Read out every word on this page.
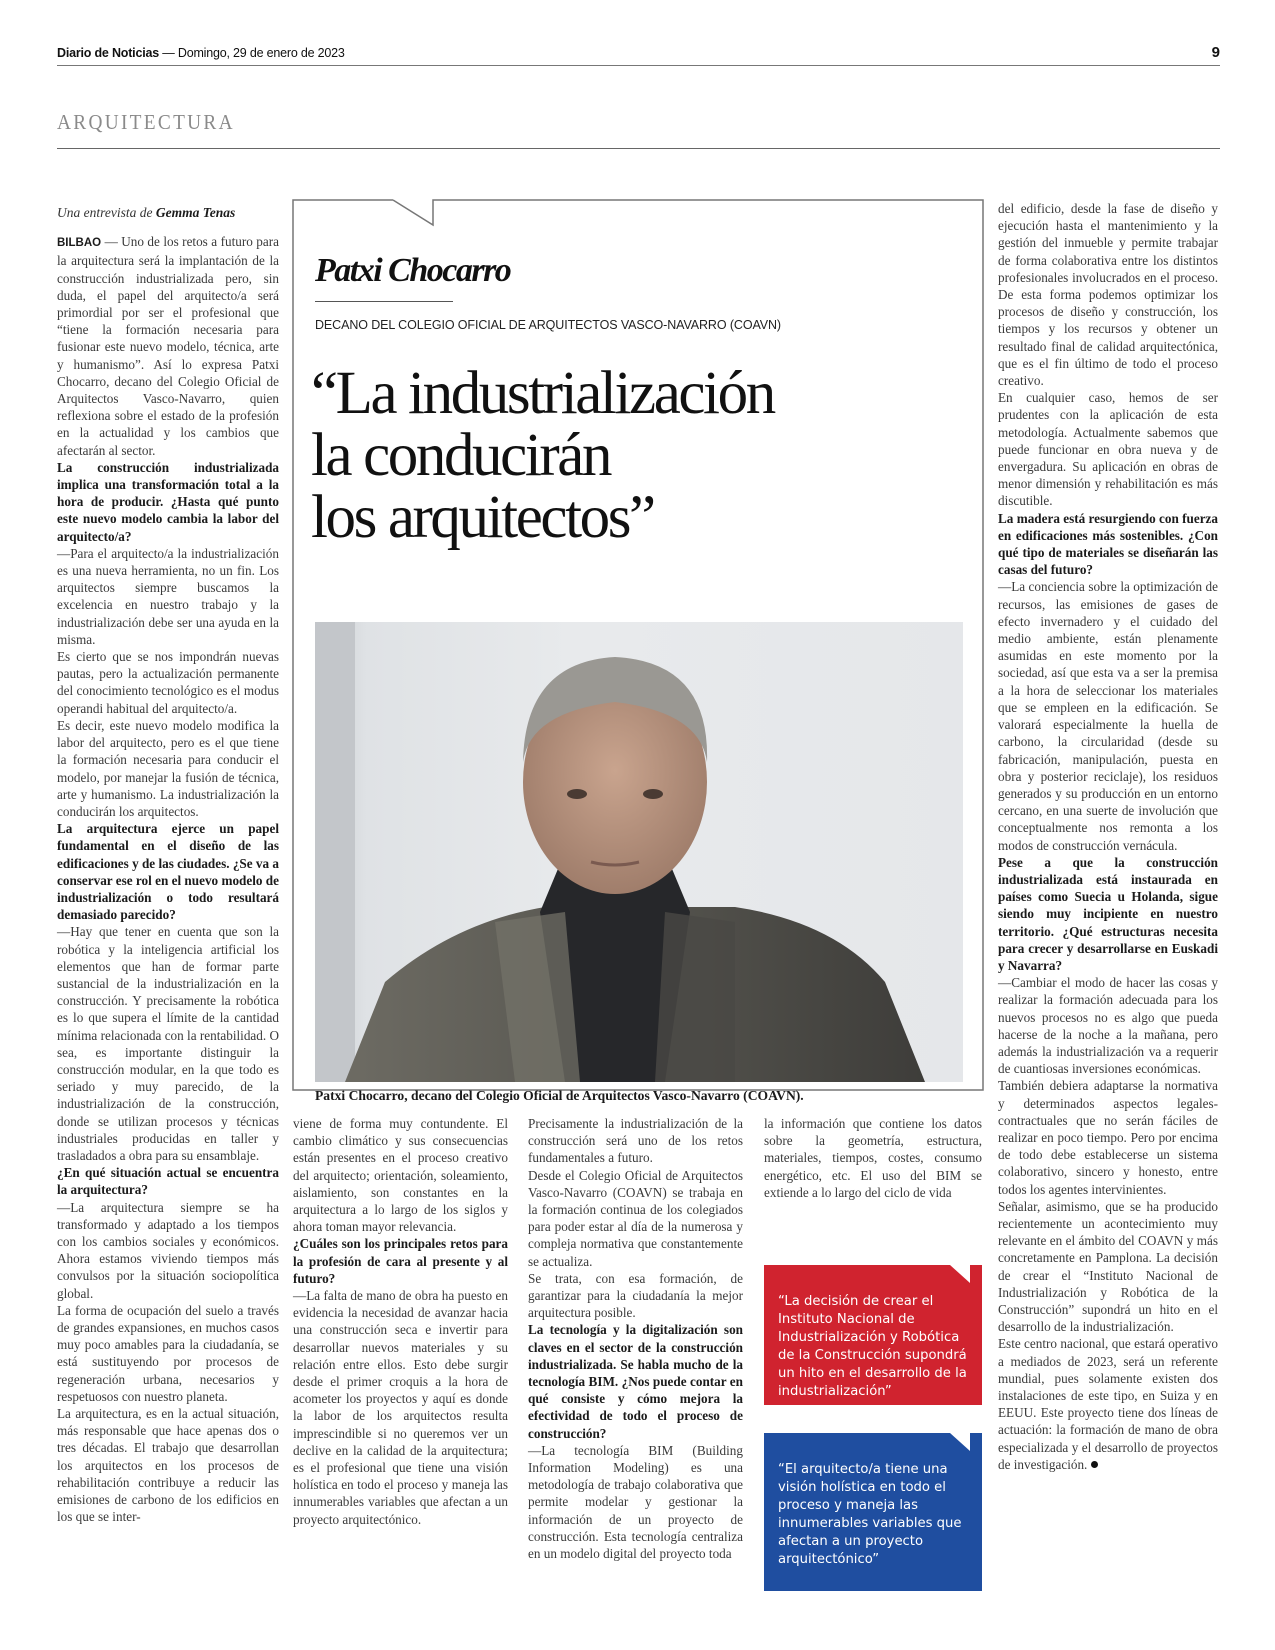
Diario de Noticias — Domingo, 29 de enero de 2023	9
ARQUITECTURA
Una entrevista de Gemma Tenas

BILBAO — Uno de los retos a futuro para la arquitectura será la implantación de la construcción industrializada pero, sin duda, el papel del arquitecto/a será primordial por ser el profesional que “tiene la formación necesaria para fusionar este nuevo modelo, técnica, arte y humanismo”. Así lo expresa Patxi Chocarro, decano del Colegio Oficial de Arquitectos Vasco-Navarro, quien reflexiona sobre el estado de la profesión en la actualidad y los cambios que afectarán al sector.

La construcción industrializada implica una transformación total a la hora de producir. ¿Hasta qué punto este nuevo modelo cambia la labor del arquitecto/a?

—Para el arquitecto/a la industrialización es una nueva herramienta, no un fin. Los arquitectos siempre buscamos la excelencia en nuestro trabajo y la industrialización debe ser una ayuda en la misma.

Es cierto que se nos impondrán nuevas pautas, pero la actualización permanente del conocimiento tecnológico es el modus operandi habitual del arquitecto/a.

Es decir, este nuevo modelo modifica la labor del arquitecto, pero es el que tiene la formación necesaria para conducir el modelo, por manejar la fusión de técnica, arte y humanismo. La industrialización la conducirán los arquitectos.

La arquitectura ejerce un papel fundamental en el diseño de las edificaciones y de las ciudades. ¿Se va a conservar ese rol en el nuevo modelo de industrialización o todo resultará demasiado parecido?

—Hay que tener en cuenta que son la robótica y la inteligencia artificial los elementos que han de formar parte sustancial de la industrialización en la construcción. Y precisamente la robótica es lo que supera el límite de la cantidad mínima relacionada con la rentabilidad. O sea, es importante distinguir la construcción modular, en la que todo es seriado y muy parecido, de la industrialización de la construcción, donde se utilizan procesos y técnicas industriales producidas en taller y trasladados a obra para su ensamblaje.

¿En qué situación actual se encuentra la arquitectura?

—La arquitectura siempre se ha transformado y adaptado a los tiempos con los cambios sociales y económicos. Ahora estamos viviendo tiempos más convulsos por la situación sociopolítica global.

La forma de ocupación del suelo a través de grandes expansiones, en muchos casos muy poco amables para la ciudadanía, se está sustituyendo por procesos de regeneración urbana, necesarios y respetuosos con nuestro planeta.

La arquitectura, es en la actual situación, más responsable que hace apenas dos o tres décadas. El trabajo que desarrollan los arquitectos en los procesos de rehabilitación contribuye a reducir las emisiones de carbono de los edificios en los que se inter-

Patxi Chocarro
DECANO DEL COLEGIO OFICIAL DE ARQUITECTOS VASCO-NAVARRO (COAVN)
“La industrialización
la conducirán
los arquitectos”
Patxi Chocarro, decano del Colegio Oficial de Arquitectos Vasco-Navarro (COAVN).

viene de forma muy contundente. El cambio climático y sus consecuencias están presentes en el proceso creativo del arquitecto; orientación, soleamiento, aislamiento, son constantes en la arquitectura a lo largo de los siglos y ahora toman mayor relevancia.

¿Cuáles son los principales retos para la profesión de cara al presente y al futuro?

—La falta de mano de obra ha puesto en evidencia la necesidad de avanzar hacia una construcción seca e invertir para desarrollar nuevos materiales y su relación entre ellos. Esto debe surgir desde el primer croquis a la hora de acometer los proyectos y aquí es donde la labor de los arquitectos resulta imprescindible si no queremos ver un declive en la calidad de la arquitectura; es el profesional que tiene una visión holística en todo el proceso y maneja las innumerables variables que afectan a un proyecto arquitectónico.

Precisamente la industrialización de la construcción será uno de los retos fundamentales a futuro.

Desde el Colegio Oficial de Arquitectos Vasco-Navarro (COAVN) se trabaja en la formación continua de los colegiados para poder estar al día de la numerosa y compleja normativa que constantemente se actualiza.

Se trata, con esa formación, de garantizar para la ciudadanía la mejor arquitectura posible.

La tecnología y la digitalización son claves en el sector de la construcción industrializada. Se habla mucho de la tecnología BIM. ¿Nos puede contar en qué consiste y cómo mejora la efectividad de todo el proceso de construcción?

—La tecnología BIM (Building Information Modeling) es una metodología de trabajo colaborativa que permite modelar y gestionar la información de un proyecto de construcción. Esta tecnología centraliza en un modelo digital del proyecto toda

la información que contiene los datos sobre la geometría, estructura, materiales, tiempos, costes, consumo energético, etc. El uso del BIM se extiende a lo largo del ciclo de vida

“La decisión de crear el Instituto Nacional de Industrialización y Robótica de la Construcción supondrá un hito en el desarrollo de la industrialización”
“El arquitecto/a tiene una visión holística en todo el proceso y maneja las innumerables variables que afectan a un proyecto arquitectónico”

del edificio, desde la fase de diseño y ejecución hasta el mantenimiento y la gestión del inmueble y permite trabajar de forma colaborativa entre los distintos profesionales involucrados en el proceso. De esta forma podemos optimizar los procesos de diseño y construcción, los tiempos y los recursos y obtener un resultado final de calidad arquitectónica, que es el fin último de todo el proceso creativo.

En cualquier caso, hemos de ser prudentes con la aplicación de esta metodología. Actualmente sabemos que puede funcionar en obra nueva y de envergadura. Su aplicación en obras de menor dimensión y rehabilitación es más discutible.

La madera está resurgiendo con fuerza en edificaciones más sostenibles. ¿Con qué tipo de materiales se diseñarán las casas del futuro?

—La conciencia sobre la optimización de recursos, las emisiones de gases de efecto invernadero y el cuidado del medio ambiente, están plenamente asumidas en este momento por la sociedad, así que esta va a ser la premisa a la hora de seleccionar los materiales que se empleen en la edificación. Se valorará especialmente la huella de carbono, la circularidad (desde su fabricación, manipulación, puesta en obra y posterior reciclaje), los residuos generados y su producción en un entorno cercano, en una suerte de involución que conceptualmente nos remonta a los modos de construcción vernácula.

Pese a que la construcción industrializada está instaurada en países como Suecia u Holanda, sigue siendo muy incipiente en nuestro territorio. ¿Qué estructuras necesita para crecer y desarrollarse en Euskadi y Navarra?

—Cambiar el modo de hacer las cosas y realizar la formación adecuada para los nuevos procesos no es algo que pueda hacerse de la noche a la mañana, pero además la industrialización va a requerir de cuantiosas inversiones económicas.

También debiera adaptarse la normativa y determinados aspectos legales-contractuales que no serán fáciles de realizar en poco tiempo. Pero por encima de todo debe establecerse un sistema colaborativo, sincero y honesto, entre todos los agentes intervinientes.

Señalar, asimismo, que se ha producido recientemente un acontecimiento muy relevante en el ámbito del COAVN y más concretamente en Pamplona. La decisión de crear el “Instituto Nacional de Industrialización y Robótica de la Construcción” supondrá un hito en el desarrollo de la industrialización.

Este centro nacional, que estará operativo a mediados de 2023, será un referente mundial, pues solamente existen dos instalaciones de este tipo, en Suiza y en EEUU. Este proyecto tiene dos líneas de actuación: la formación de mano de obra especializada y el desarrollo de proyectos de investigación.
